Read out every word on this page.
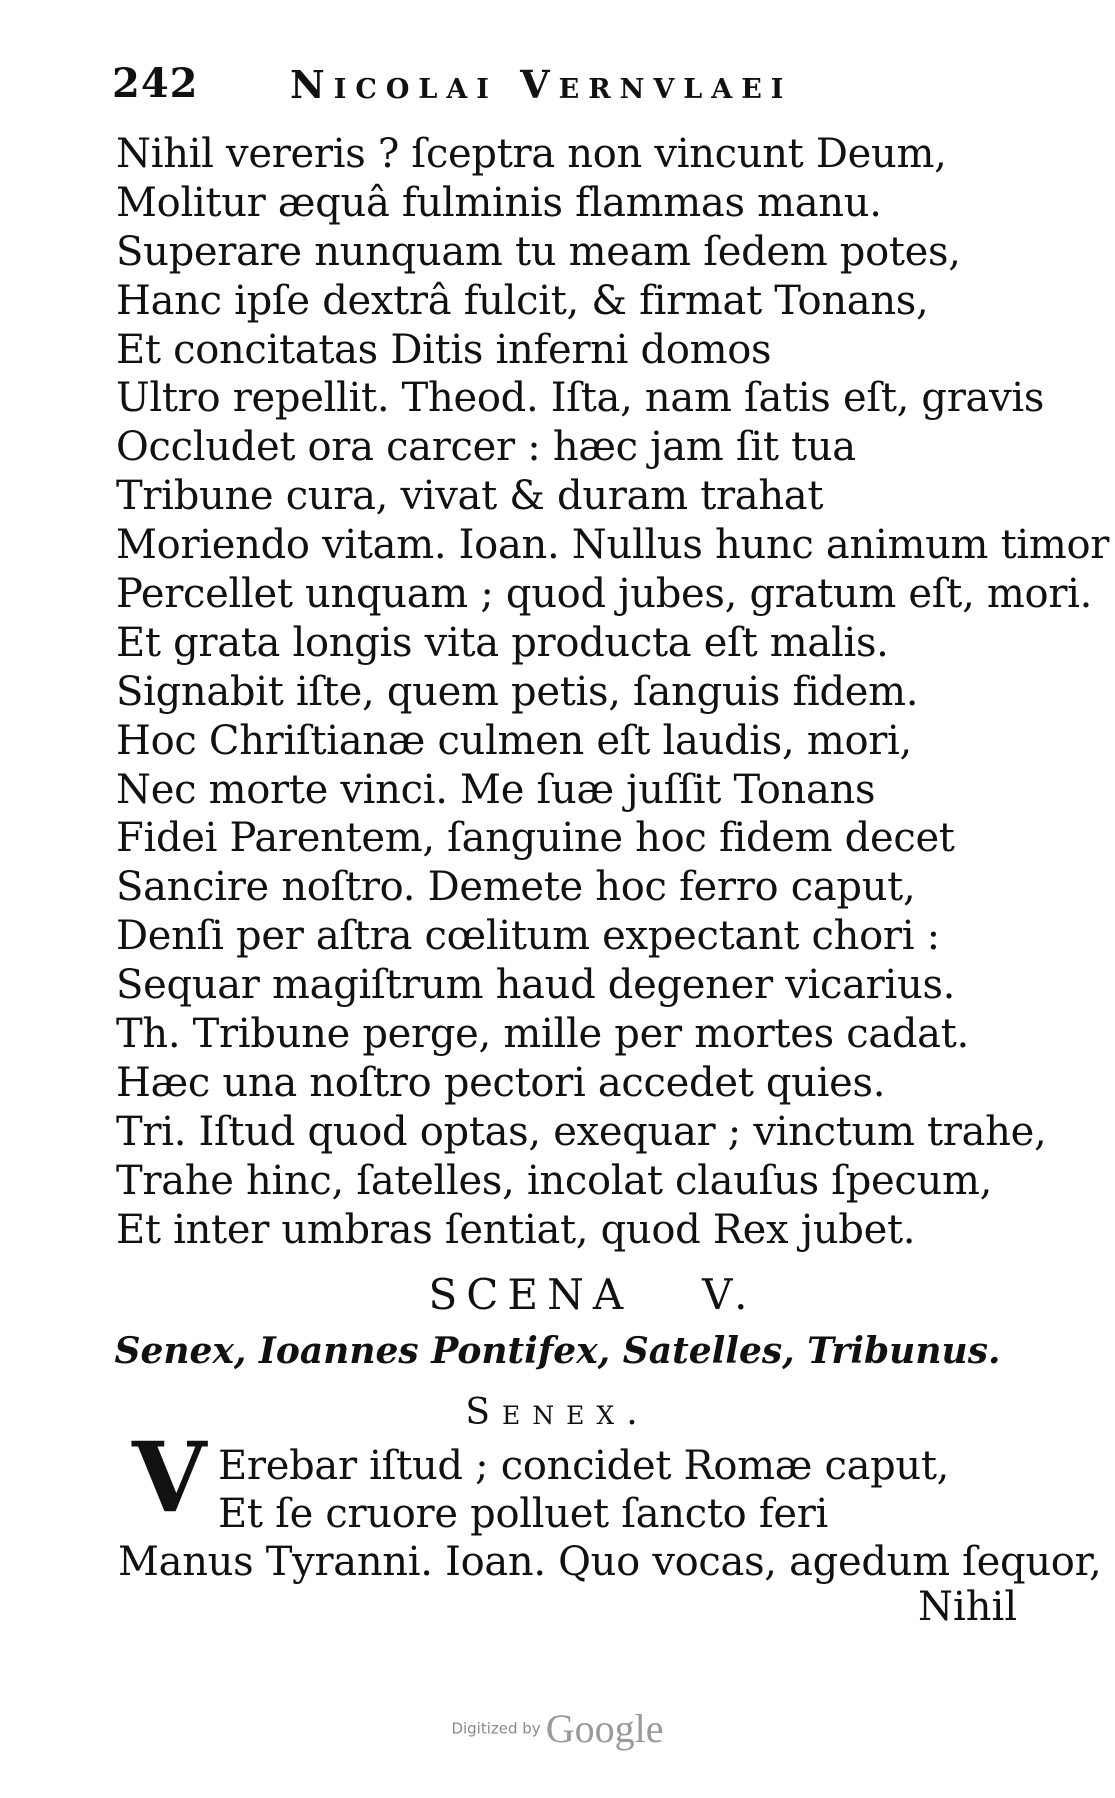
242 Nicolai Vernvlaei
Nihil vereris ? ſceptra non vincunt Deum,
Molitur æquâ fulminis flammas manu.
Superare nunquam tu meam ſedem potes,
Hanc ipſe dextrâ fulcit, & firmat Tonans,
Et concitatas Ditis inferni domos
Ultro repellit. Theod. Iſta, nam ſatis eſt, gravis
Occludet ora carcer : hæc jam ſit tua
Tribune cura, vivat & duram trahat
Moriendo vitam. Ioan. Nullus hunc animum timor
Percellet unquam ; quod jubes, gratum eſt, mori.
Et grata longis vita producta eſt malis.
Signabit iſte, quem petis, ſanguis fidem.
Hoc Chriſtianæ culmen eſt laudis, mori,
Nec morte vinci. Me ſuæ juſſit Tonans
Fidei Parentem, ſanguine hoc fidem decet
Sancire noſtro. Demete hoc ferro caput,
Denſi per aſtra cœlitum expectant chori :
Sequar magiſtrum haud degener vicarius.
Th. Tribune perge, mille per mortes cadat.
Hæc una noſtro pectori accedet quies.
Tri. Iſtud quod optas, exequar ; vinctum trahe,
Trahe hinc, ſatelles, incolat clauſus ſpecum,
Et inter umbras ſentiat, quod Rex jubet.
SCENA V.
Senex, Ioannes Pontifex, Satelles, Tribunus.
Senex.
V Erebar iſtud ; concidet Romæ caput,
Et ſe cruore polluet ſancto feri
Manus Tyranni. Ioan. Quo vocas, agedum ſequor,
Nihil
Digitized by Google
